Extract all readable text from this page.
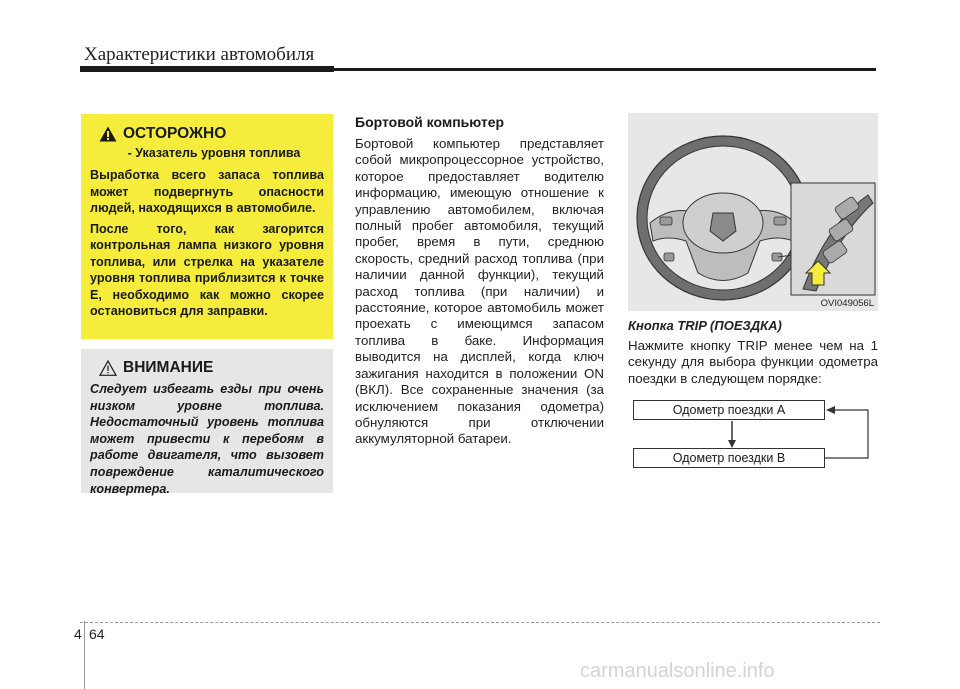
Характеристики автомобиля
ОСТОРОЖНО
- Указатель уровня топлива

Выработка всего запаса топлива может подвергнуть опасности людей, находящихся в автомобиле.

После того, как загорится контрольная лампа низкого уровня топлива, или стрелка на указателе уровня топлива приблизится к точке E, необходимо как можно скорее остановиться для заправки.

ВНИМАНИЕ

Следует избегать езды при очень низком уровне топлива. Недостаточный уровень топлива может привести к перебоям в работе двигателя, что вызовет повреждение каталитического конвертера.

Бортовой компьютер

Бортовой компьютер представляет собой микропроцессорное устройство, которое предоставляет водителю информацию, имеющую отношение к управлению автомобилем, включая полный пробег автомобиля, текущий пробег, время в пути, среднюю скорость, средний расход топлива (при наличии данной функции), текущий расход топлива (при наличии) и расстояние, которое автомобиль может проехать с имеющимся запасом топлива в баке. Информация выводится на дисплей, когда ключ зажигания находится в положении ON (ВКЛ). Все сохраненные значения (за исключением показания одометра) обнуляются при отключении аккумуляторной батареи.

OVI049056L

Кнопка TRIP (ПОЕЗДКА)

Нажмите кнопку TRIP менее чем на 1 секунду для выбора функции одометра поездки в следующем порядке:

Одометр поездки А
Одометр поездки В
4 64
carmanualsonline.info
